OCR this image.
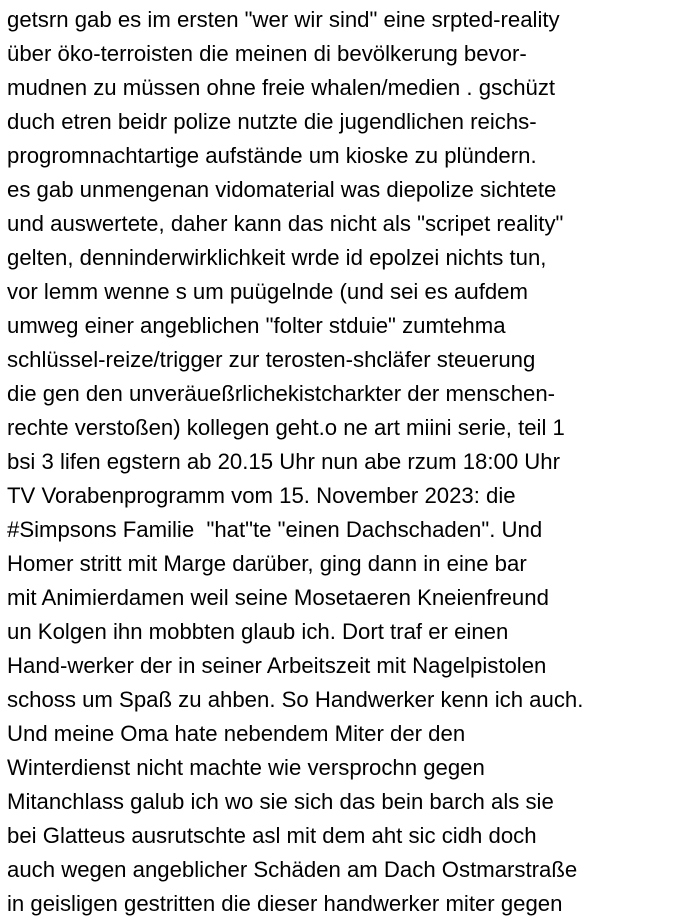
getsrn gab es im ersten "wer wir sind" eine srpted-reality
über öko-terroisten die meinen di bevölkerung bevor-
mudnen zu müssen ohne freie whalen/medien . gschüzt
duch etren beidr polize nutzte die jugendlichen reichs-
progromnachtartige aufstände um kioske zu plündern.
es gab unmengenan vidomaterial was diepolize sichtete
und auswertete, daher kann das nicht als "scripet reality"
gelten, denninderwirklichkeit wrde id epolzei nichts tun,
vor lemm wenne s um puügelnde (und sei es aufdem
umweg einer angeblichen "folter stduie" zumtehma
schlüssel-reize/trigger zur terosten-shcläfer steuerung
die gen den unveräueßrlichekistcharkter der menschen-
rechte verstoßen) kollegen geht.o ne art miini serie, teil 1
bsi 3 lifen egstern ab 20.15 Uhr nun abe rzum 18:00 Uhr
TV Vorabenprogramm vom 15. November 2023: die
#Simpsons Familie  "hat"te "einen Dachschaden". Und
Homer stritt mit Marge darüber, ging dann in eine bar
mit Animierdamen weil seine Mosetaeren Kneienfreund
un Kolgen ihn mobbten glaub ich. Dort traf er einen
Hand-werker der in seiner Arbeitszeit mit Nagelpistolen
schoss um Spaß zu ahben. So Handwerker kenn ich auch.
Und meine Oma hate nebendem Miter der den
Winterdienst nicht machte wie versprochn gegen
Mitanchlass galub ich wo sie sich das bein barch als sie
bei Glatteus ausrutschte asl mit dem aht sic cidh doch
auch wegen angeblicher Schäden am Dach Ostmarstraße
in geisligen gestritten die dieser handwerker miter gegen
